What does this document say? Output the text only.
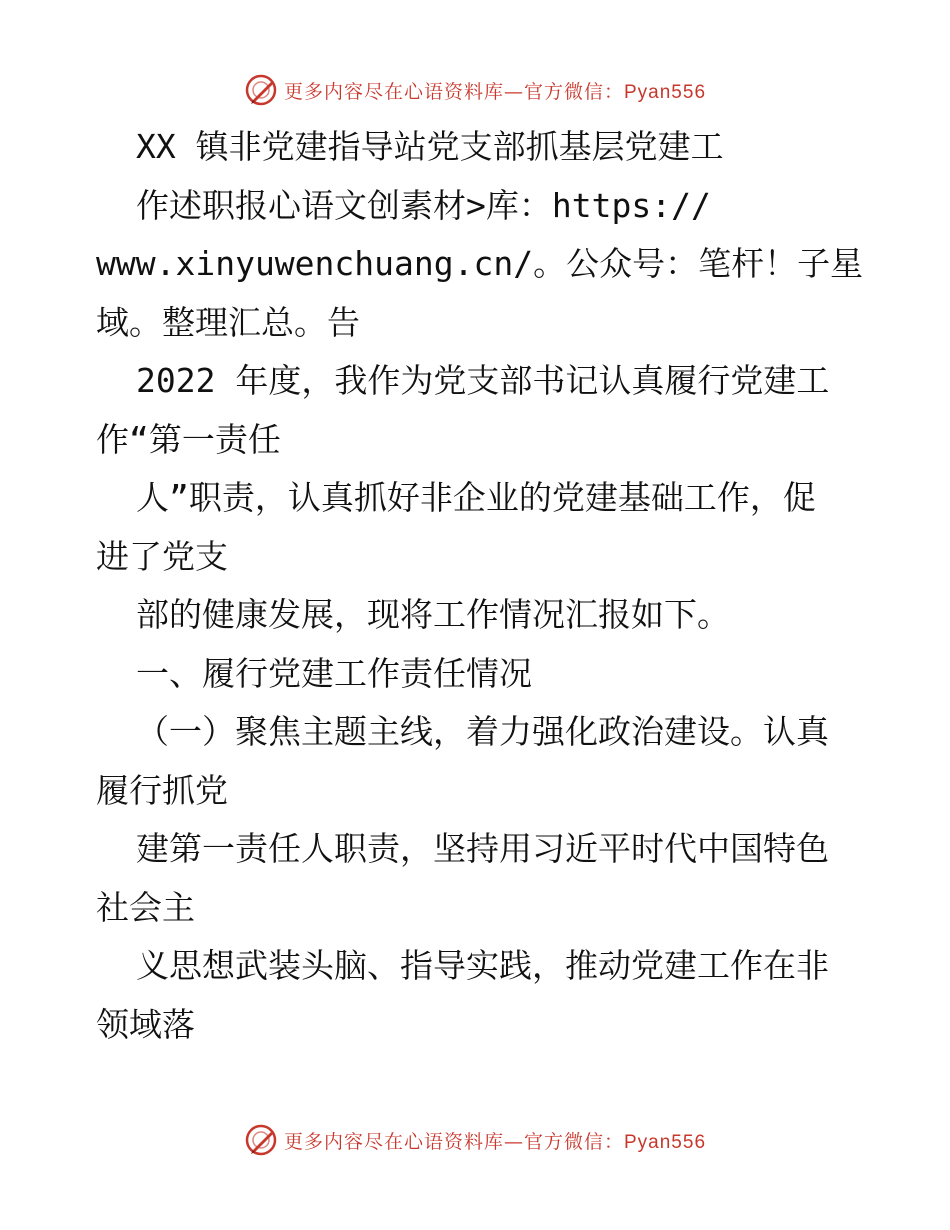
更多内容尽在心语资料库—官方微信：Pyan556
XX 镇非党建指导站党支部抓基层党建工
作述职报心语文创素材>库：https://
www.xinyuwenchuang.cn/。公众号：笔杆！子星
域。整理汇总。告
2022 年度，我作为党支部书记认真履行党建工
作“第一责任
人”职责，认真抓好非企业的党建基础工作，促
进了党支
部的健康发展，现将工作情况汇报如下。
一、履行党建工作责任情况
（一）聚焦主题主线，着力强化政治建设。认真
履行抓党
建第一责任人职责，坚持用习近平时代中国特色
社会主
义思想武装头脑、指导实践，推动党建工作在非
领域落
更多内容尽在心语资料库—官方微信：Pyan556
